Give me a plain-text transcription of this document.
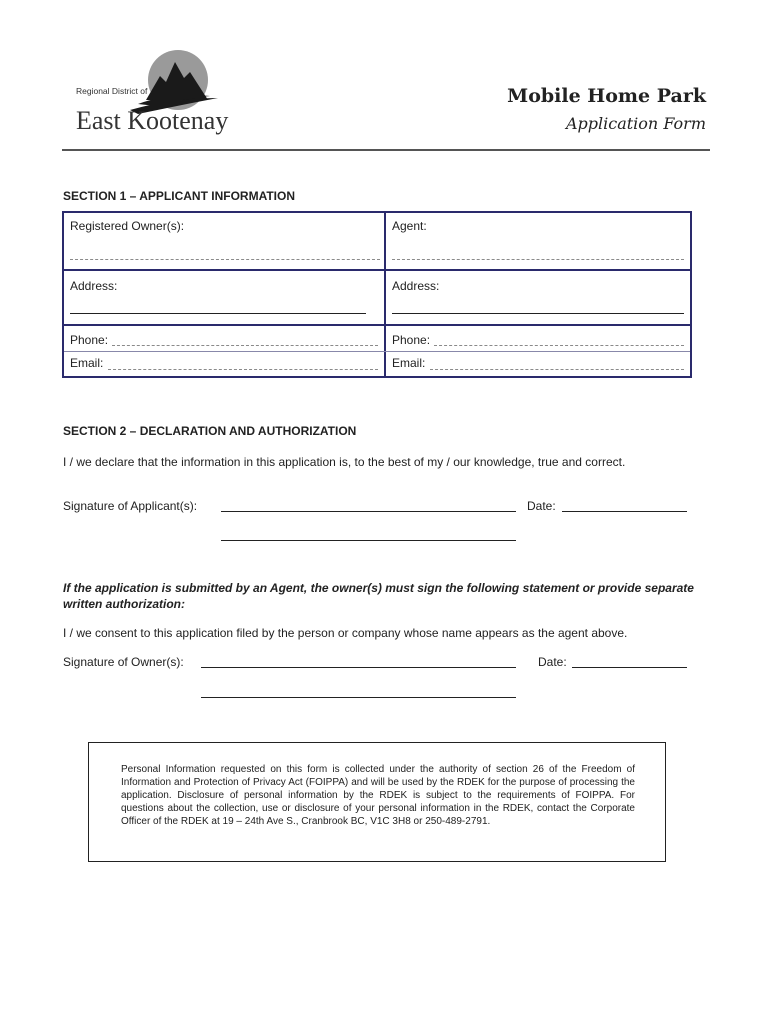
Regional District of
East Kootenay
Mobile Home Park
Application Form
SECTION 1 – APPLICANT INFORMATION
Registered Owner(s):	Agent:
Address:	Address:
Phone:	Phone:
Email:	Email:
SECTION 2 – DECLARATION AND AUTHORIZATION
I / we declare that the information in this application is, to the best of my / our knowledge, true and correct.
Signature of Applicant(s):	Date:
If the application is submitted by an Agent, the owner(s) must sign the following statement or provide separate written authorization:
I / we consent to this application filed by the person or company whose name appears as the agent above.
Signature of Owner(s):	Date:
Personal Information requested on this form is collected under the authority of section 26 of the Freedom of Information and Protection of Privacy Act (FOIPPA) and will be used by the RDEK for the purpose of processing the application. Disclosure of personal information by the RDEK is subject to the requirements of FOIPPA. For questions about the collection, use or disclosure of your personal information in the RDEK, contact the Corporate Officer of the RDEK at 19 – 24th Ave S., Cranbrook BC, V1C 3H8 or 250-489-2791.
